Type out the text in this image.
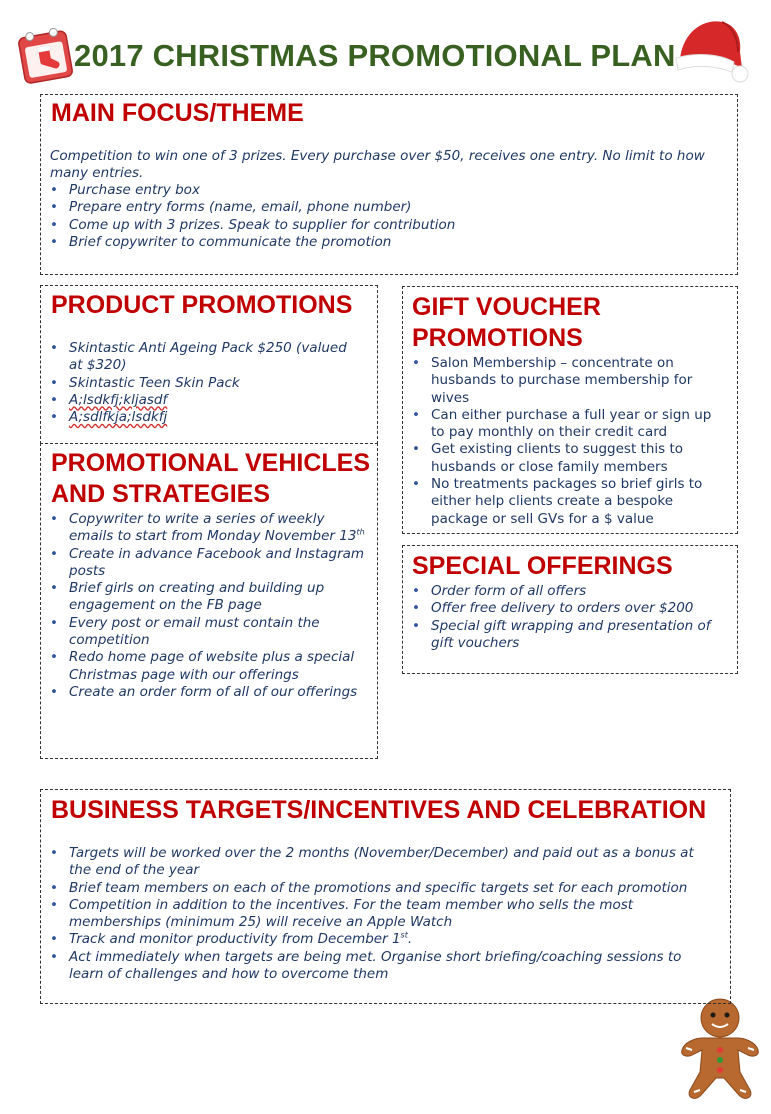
2017 CHRISTMAS PROMOTIONAL PLAN
MAIN FOCUS/THEME

Competition to win one of 3 prizes. Every purchase over $50, receives one entry. No limit to how many entries.

• Purchase entry box
• Prepare entry forms (name, email, phone number)
• Come up with 3 prizes. Speak to supplier for contribution
• Brief copywriter to communicate the promotion
PRODUCT PROMOTIONS
• Skintastic Anti Ageing Pack $250 (valued at $320)
• Skintastic Teen Skin Pack
• A;lsdkfj;kljasdf
• A;sdlfkja;lsdkfj
PROMOTIONAL VEHICLES
AND STRATEGIES
• Copywriter to write a series of weekly emails to start from Monday November 13th
• Create in advance Facebook and Instagram posts
• Brief girls on creating and building up engagement on the FB page
• Every post or email must contain the competition
• Redo home page of website plus a special Christmas page with our offerings
• Create an order form of all of our offerings
GIFT VOUCHER
PROMOTIONS
• Salon Membership – concentrate on husbands to purchase membership for wives
• Can either purchase a full year or sign up to pay monthly on their credit card
• Get existing clients to suggest this to husbands or close family members
• No treatments packages so brief girls to either help clients create a bespoke package or sell GVs for a $ value
SPECIAL OFFERINGS
• Order form of all offers
• Offer free delivery to orders over $200
• Special gift wrapping and presentation of gift vouchers
BUSINESS TARGETS/INCENTIVES AND CELEBRATION
• Targets will be worked over the 2 months (November/December) and paid out as a bonus at the end of the year
• Brief team members on each of the promotions and specific targets set for each promotion
• Competition in addition to the incentives. For the team member who sells the most memberships (minimum 25) will receive an Apple Watch
• Track and monitor productivity from December 1st.
• Act immediately when targets are being met. Organise short briefing/coaching sessions to learn of challenges and how to overcome them
